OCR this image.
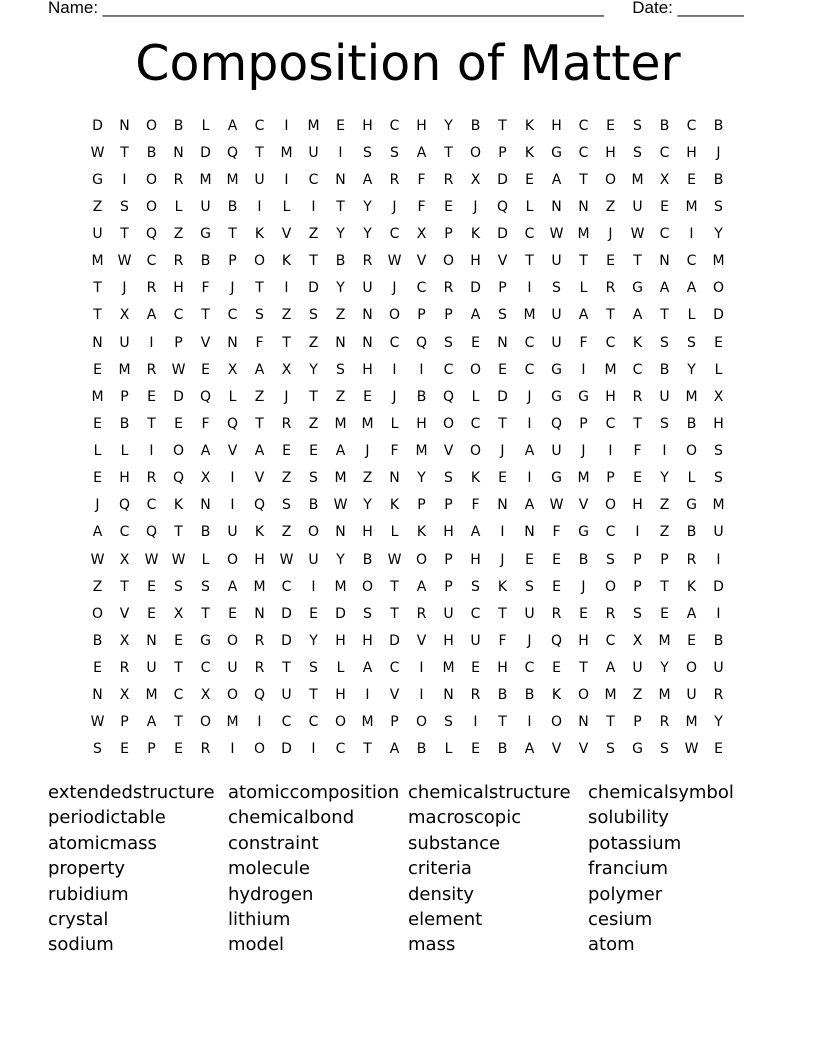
Name: _____________________________________________________ Date: _______
Composition of Matter
D	N	O	B	L	A	C	I	M	E	H	C	H	Y	B	T	K	H	C	E	S	B	C	B
W	T	B	N	D	Q	T	M	U	I	S	S	A	T	O	P	K	G	C	H	S	C	H	J
G	I	O	R	M	M	U	I	C	N	A	R	F	R	X	D	E	A	T	O	M	X	E	B
Z	S	O	L	U	B	I	L	I	T	Y	J	F	E	J	Q	L	N	N	Z	U	E	M	S
U	T	Q	Z	G	T	K	V	Z	Y	Y	C	X	P	K	D	C	W	M	J	W	C	I	Y
M	W	C	R	B	P	O	K	T	B	R	W	V	O	H	V	T	U	T	E	T	N	C	M
T	J	R	H	F	J	T	I	D	Y	U	J	C	R	D	P	I	S	L	R	G	A	A	O
T	X	A	C	T	C	S	Z	S	Z	N	O	P	P	A	S	M	U	A	T	A	T	L	D
N	U	I	P	V	N	F	T	Z	N	N	C	Q	S	E	N	C	U	F	C	K	S	S	E
E	M	R	W	E	X	A	X	Y	S	H	I	I	C	O	E	C	G	I	M	C	B	Y	L
M	P	E	D	Q	L	Z	J	T	Z	E	J	B	Q	L	D	J	G	G	H	R	U	M	X
E	B	T	E	F	Q	T	R	Z	M	M	L	H	O	C	T	I	Q	P	C	T	S	B	H
L	L	I	O	A	V	A	E	E	A	J	F	M	V	O	J	A	U	J	I	F	I	O	S
E	H	R	Q	X	I	V	Z	S	M	Z	N	Y	S	K	E	I	G	M	P	E	Y	L	S
J	Q	C	K	N	I	Q	S	B	W	Y	K	P	P	F	N	A	W	V	O	H	Z	G	M
A	C	Q	T	B	U	K	Z	O	N	H	L	K	H	A	I	N	F	G	C	I	Z	B	U
W	X	W W	L	O	H	W	U	Y	B	W	O	P	H	J	E	E	B	S	P	P	R	I
Z	T	E	S	S	A	M	C	I	M	O	T	A	P	S	K	S	E	J	O	P	T	K	D
O	V	E	X	T	E	N	D	E	D	S	T	R	U	C	T	U	R	E	R	S	E	A	I
B	X	N	E	G	O	R	D	Y	H	H	D	V	H	U	F	J	Q	H	C	X	M	E	B
E	R	U	T	C	U	R	T	S	L	A	C	I	M	E	H	C	E	T	A	U	Y	O	U
N	X	M	C	X	O	Q	U	T	H	I	V	I	N	R	B	B	K	O	M	Z	M	U	R
W	P	A	T	O	M	I	C	C	O	M	P	O	S	I	T	I	O	N	T	P	R	M	Y
S	E	P	E	R	I	O	D	I	C	T	A	B	L	E	B	A	V	V	S	G	S	W	E
extendedstructure atomiccomposition chemicalstructure chemicalsymbol
periodictable	chemicalbond	macroscopic	solubility
atomicmass	constraint	substance	potassium
property	molecule	criteria	francium
rubidium	hydrogen	density	polymer
crystal	lithium	element	cesium
sodium	model	mass	atom
